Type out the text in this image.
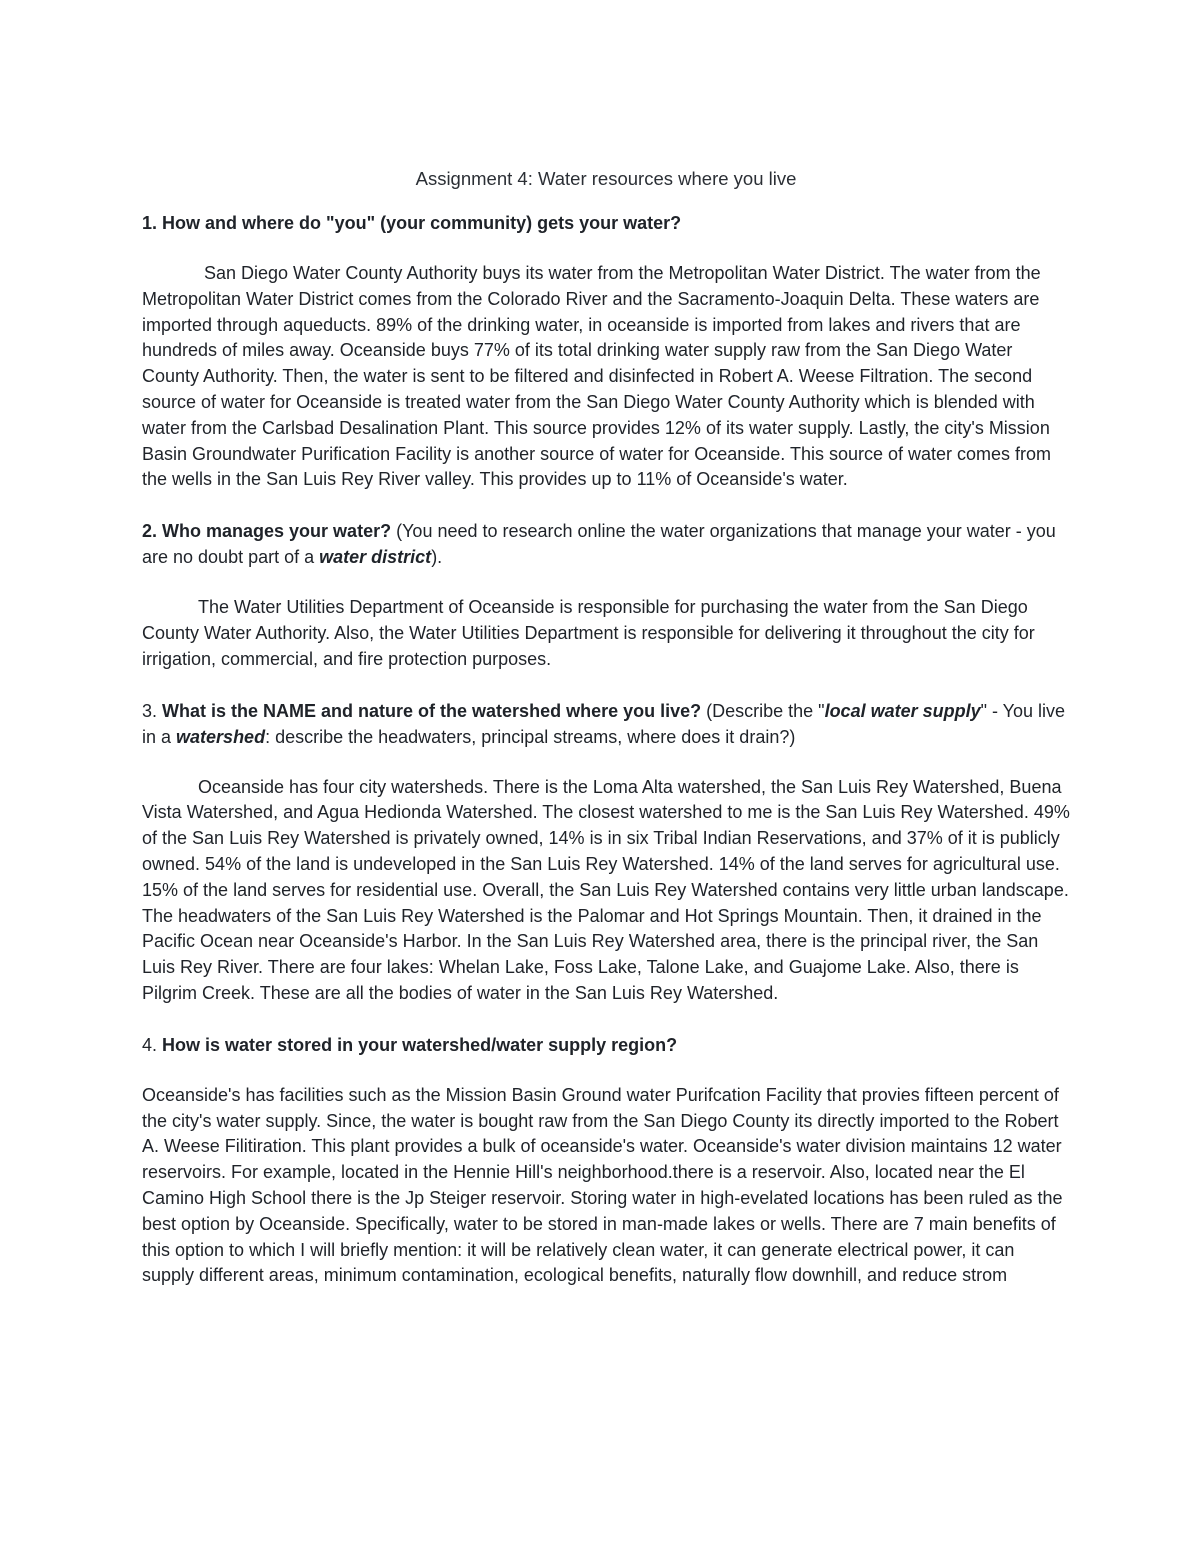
Assignment 4: Water resources where you live

1. How and where do "you" (your community) gets your water?

San Diego Water County Authority buys its water from the Metropolitan Water District. The water from the Metropolitan Water District comes from the Colorado River and the Sacramento-Joaquin Delta. These waters are imported through aqueducts. 89% of the drinking water, in oceanside is imported from lakes and rivers that are hundreds of miles away. Oceanside buys 77% of its total drinking water supply raw from the San Diego Water County Authority. Then, the water is sent to be filtered and disinfected in Robert A. Weese Filtration. The second source of water for Oceanside is treated water from the San Diego Water County Authority which is blended with water from the Carlsbad Desalination Plant. This source provides 12% of its water supply. Lastly, the city's Mission Basin Groundwater Purification Facility is another source of water for Oceanside. This source of water comes from the wells in the San Luis Rey River valley. This provides up to 11% of Oceanside's water.

2. Who manages your water? (You need to research online the water organizations that manage your water - you are no doubt part of a water district).

The Water Utilities Department of Oceanside is responsible for purchasing the water from the San Diego County Water Authority. Also, the Water Utilities Department is responsible for delivering it throughout the city for irrigation, commercial, and fire protection purposes.

3. What is the NAME and nature of the watershed where you live? (Describe the "local water supply" - You live in a watershed: describe the headwaters, principal streams, where does it drain?)

Oceanside has four city watersheds. There is the Loma Alta watershed, the San Luis Rey Watershed, Buena Vista Watershed, and Agua Hedionda Watershed. The closest watershed to me is the San Luis Rey Watershed. 49% of the San Luis Rey Watershed is privately owned, 14% is in six Tribal Indian Reservations, and 37% of it is publicly owned. 54% of the land is undeveloped in the San Luis Rey Watershed. 14% of the land serves for agricultural use. 15% of the land serves for residential use. Overall, the San Luis Rey Watershed contains very little urban landscape. The headwaters of the San Luis Rey Watershed is the Palomar and Hot Springs Mountain. Then, it drained in the Pacific Ocean near Oceanside's Harbor. In the San Luis Rey Watershed area, there is the principal river, the San Luis Rey River. There are four lakes: Whelan Lake, Foss Lake, Talone Lake, and Guajome Lake. Also, there is Pilgrim Creek. These are all the bodies of water in the San Luis Rey Watershed.

4. How is water stored in your watershed/water supply region?

Oceanside's has facilities such as the Mission Basin Ground water Purifcation Facility that provies fifteen percent of the city's water supply. Since, the water is bought raw from the San Diego County its directly imported to the Robert A. Weese Filitiration. This plant provides a bulk of oceanside's water. Oceanside's water division maintains 12 water reservoirs. For example, located in the Hennie Hill's neighborhood.there is a reservoir. Also, located near the El Camino High School there is the Jp Steiger reservoir. Storing water in high-evelated locations has been ruled as the best option by Oceanside. Specifically, water to be stored in man-made lakes or wells. There are 7 main benefits of this option to which I will briefly mention: it will be relatively clean water, it can generate electrical power, it can supply different areas, minimum contamination, ecological benefits, naturally flow downhill, and reduce strom
